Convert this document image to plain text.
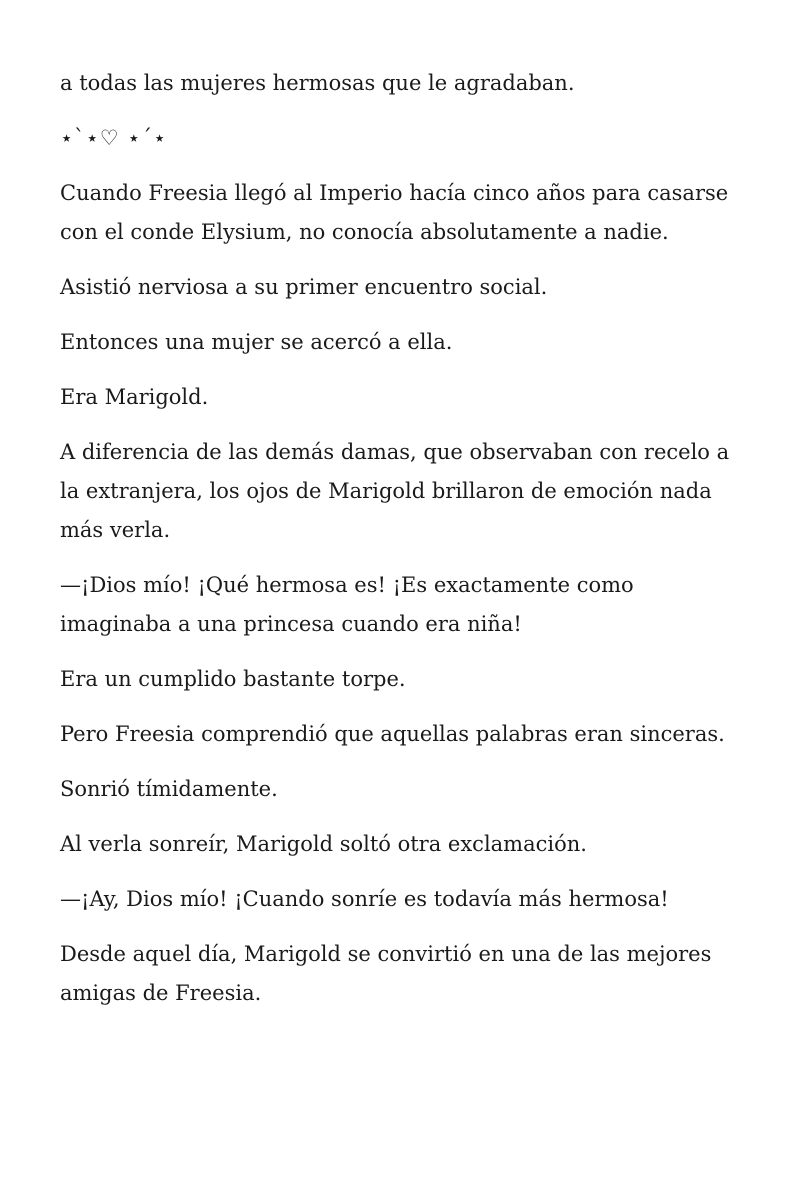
a todas las mujeres hermosas que le agradaban.

⋆`⋆♡ ⋆´⋆

Cuando Freesia llegó al Imperio hacía cinco años para casarse con el conde Elysium, no conocía absolutamente a nadie.

Asistió nerviosa a su primer encuentro social.

Entonces una mujer se acercó a ella.

Era Marigold.

A diferencia de las demás damas, que observaban con recelo a la extranjera, los ojos de Marigold brillaron de emoción nada más verla.

—¡Dios mío! ¡Qué hermosa es! ¡Es exactamente como imaginaba a una princesa cuando era niña!

Era un cumplido bastante torpe.

Pero Freesia comprendió que aquellas palabras eran sinceras.

Sonrió tímidamente.

Al verla sonreír, Marigold soltó otra exclamación.

—¡Ay, Dios mío! ¡Cuando sonríe es todavía más hermosa!

Desde aquel día, Marigold se convirtió en una de las mejores amigas de Freesia.
